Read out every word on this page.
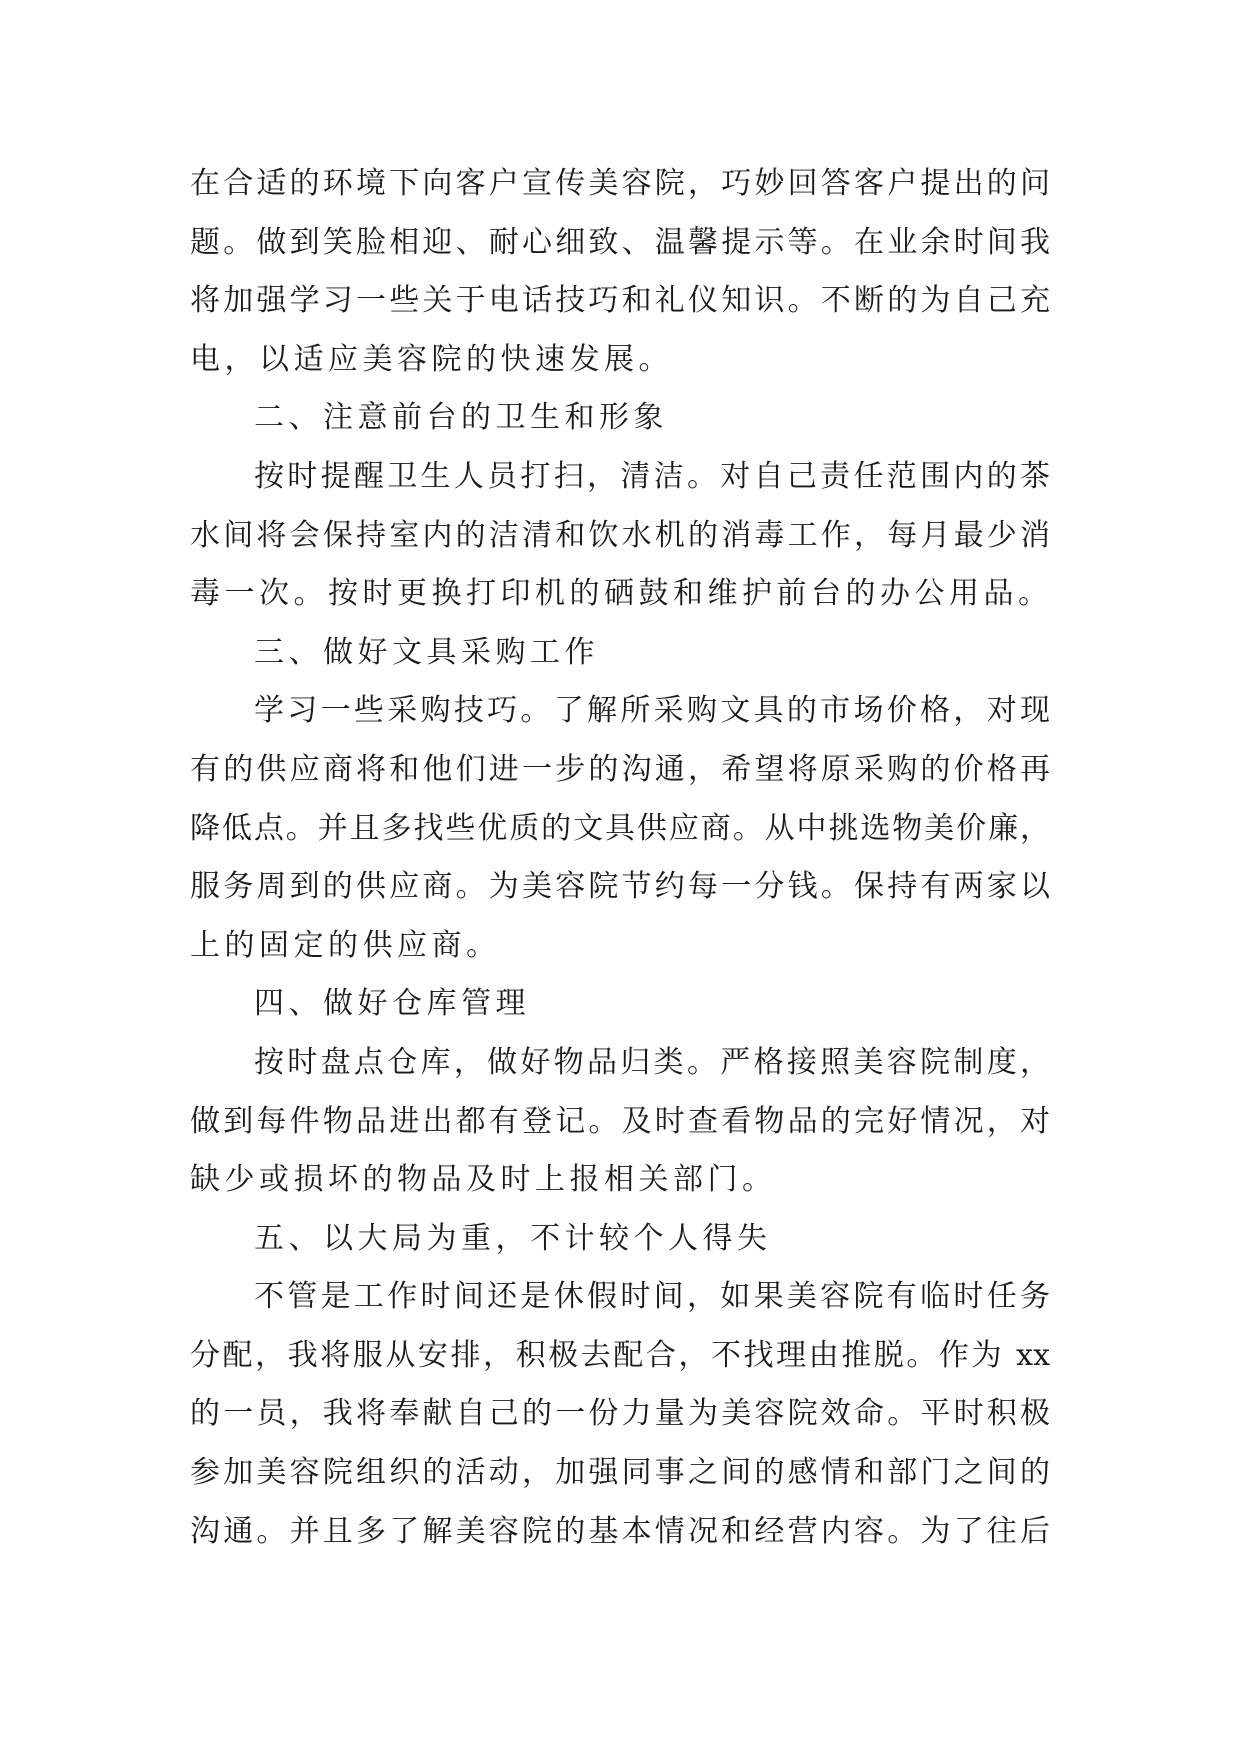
在合适的环境下向客户宣传美容院，巧妙回答客户提出的问
题。做到笑脸相迎、耐心细致、温馨提示等。在业余时间我
将加强学习一些关于电话技巧和礼仪知识。不断的为自己充
电，以适应美容院的快速发展。
二、注意前台的卫生和形象
按时提醒卫生人员打扫，清洁。对自己责任范围内的茶
水间将会保持室内的洁清和饮水机的消毒工作，每月最少消
毒一次。按时更换打印机的硒鼓和维护前台的办公用品。
三、做好文具采购工作
学习一些采购技巧。了解所采购文具的市场价格，对现
有的供应商将和他们进一步的沟通，希望将原采购的价格再
降低点。并且多找些优质的文具供应商。从中挑选物美价廉，
服务周到的供应商。为美容院节约每一分钱。保持有两家以
上的固定的供应商。
四、做好仓库管理
按时盘点仓库，做好物品归类。严格接照美容院制度，
做到每件物品进出都有登记。及时查看物品的完好情况，对
缺少或损坏的物品及时上报相关部门。
五、以大局为重，不计较个人得失
不管是工作时间还是休假时间，如果美容院有临时任务
分配，我将服从安排，积极去配合，不找理由推脱。作为 xx
的一员，我将奉献自己的一份力量为美容院效命。平时积极
参加美容院组织的活动，加强同事之间的感情和部门之间的
沟通。并且多了解美容院的基本情况和经营内容。为了往后
